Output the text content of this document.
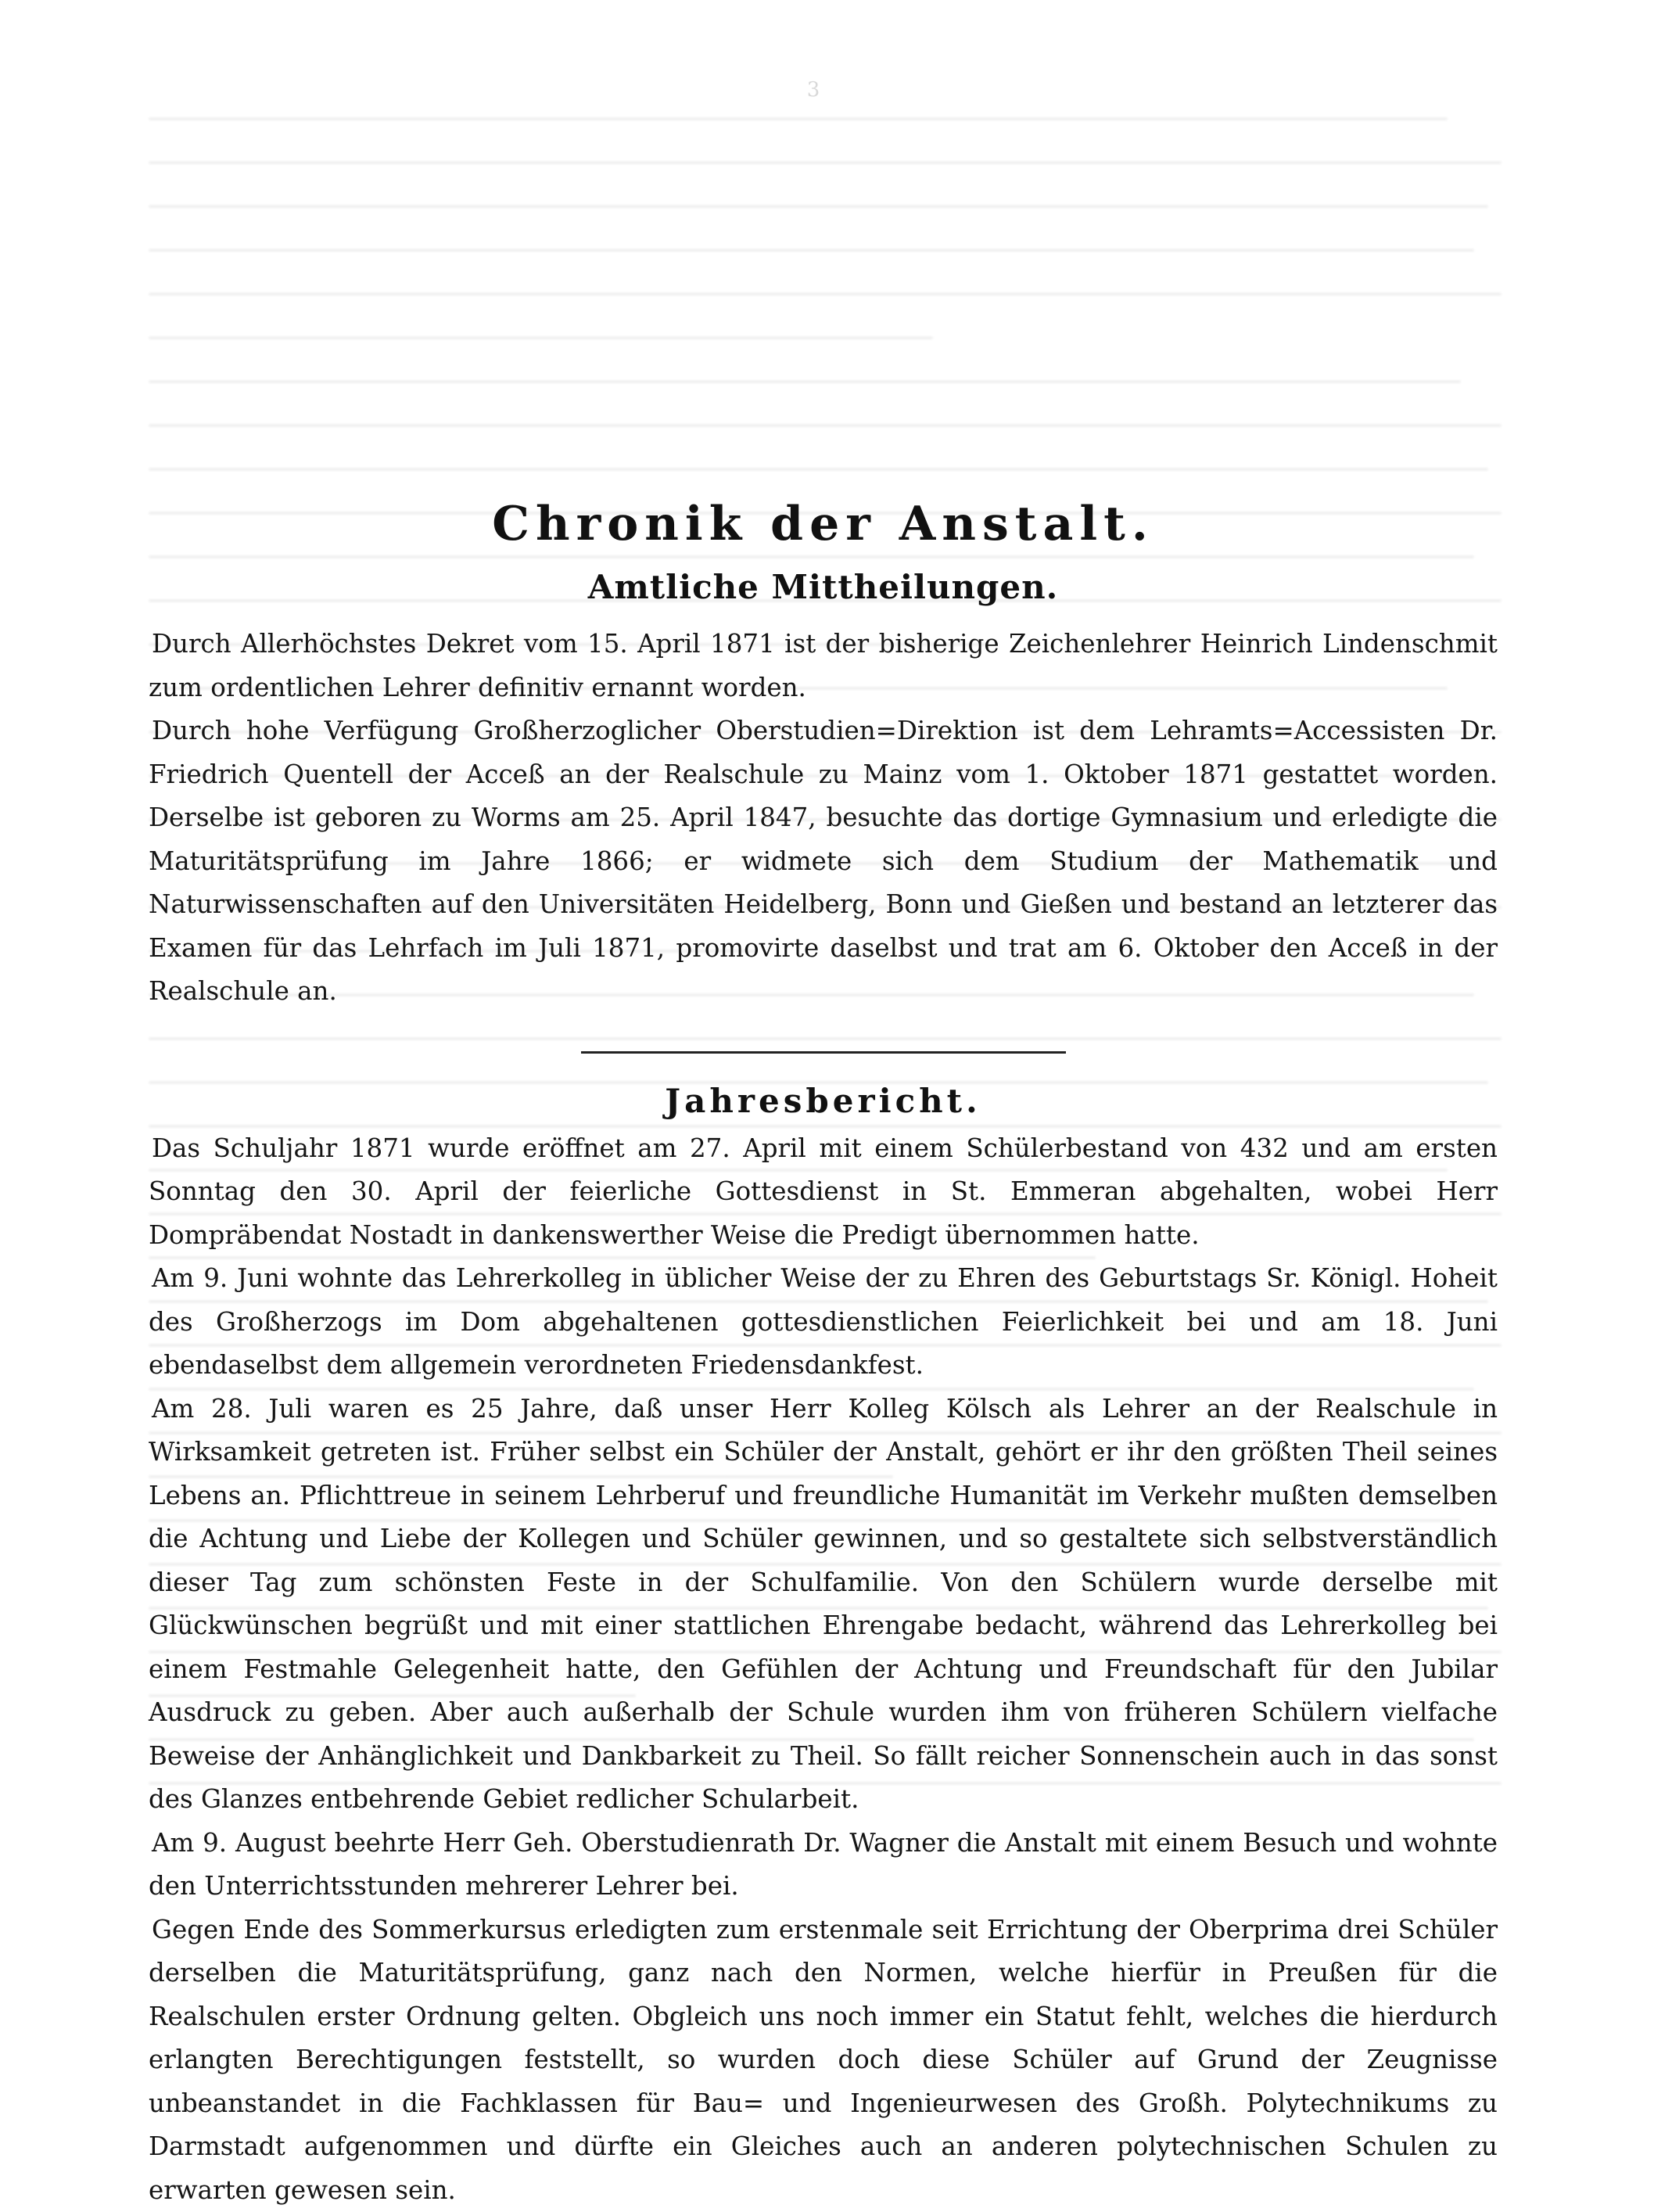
3
Chronik der Anstalt.
Amtliche Mittheilungen.

Durch Allerhöchstes Dekret vom 15. April 1871 ist der bisherige Zeichenlehrer Heinrich Lindenschmit zum ordentlichen Lehrer definitiv ernannt worden.

Durch hohe Verfügung Großherzoglicher Oberstudien=Direktion ist dem Lehramts=Accessisten Dr. Friedrich Quentell der Acceß an der Realschule zu Mainz vom 1. Oktober 1871 gestattet worden. Derselbe ist geboren zu Worms am 25. April 1847, besuchte das dortige Gymnasium und erledigte die Maturitätsprüfung im Jahre 1866; er widmete sich dem Studium der Mathematik und Naturwissenschaften auf den Universitäten Heidelberg, Bonn und Gießen und bestand an letzterer das Examen für das Lehrfach im Juli 1871, promovirte daselbst und trat am 6. Oktober den Acceß in der Realschule an.

Jahresbericht.

Das Schuljahr 1871 wurde eröffnet am 27. April mit einem Schülerbestand von 432 und am ersten Sonntag den 30. April der feierliche Gottesdienst in St. Emmeran abgehalten, wobei Herr Dompräbendat Nostadt in dankenswerther Weise die Predigt übernommen hatte.

Am 9. Juni wohnte das Lehrerkolleg in üblicher Weise der zu Ehren des Geburtstags Sr. Königl. Hoheit des Großherzogs im Dom abgehaltenen gottesdienstlichen Feierlichkeit bei und am 18. Juni ebendaselbst dem allgemein verordneten Friedensdankfest.

Am 28. Juli waren es 25 Jahre, daß unser Herr Kolleg Kölsch als Lehrer an der Realschule in Wirksamkeit getreten ist. Früher selbst ein Schüler der Anstalt, gehört er ihr den größten Theil seines Lebens an. Pflichttreue in seinem Lehrberuf und freundliche Humanität im Verkehr mußten demselben die Achtung und Liebe der Kollegen und Schüler gewinnen, und so gestaltete sich selbstverständlich dieser Tag zum schönsten Feste in der Schulfamilie. Von den Schülern wurde derselbe mit Glückwünschen begrüßt und mit einer stattlichen Ehrengabe bedacht, während das Lehrerkolleg bei einem Festmahle Gelegenheit hatte, den Gefühlen der Achtung und Freundschaft für den Jubilar Ausdruck zu geben. Aber auch außerhalb der Schule wurden ihm von früheren Schülern vielfache Beweise der Anhänglichkeit und Dankbarkeit zu Theil. So fällt reicher Sonnenschein auch in das sonst des Glanzes entbehrende Gebiet redlicher Schularbeit.

Am 9. August beehrte Herr Geh. Oberstudienrath Dr. Wagner die Anstalt mit einem Besuch und wohnte den Unterrichtsstunden mehrerer Lehrer bei.

Gegen Ende des Sommerkursus erledigten zum erstenmale seit Errichtung der Oberprima drei Schüler derselben die Maturitätsprüfung, ganz nach den Normen, welche hierfür in Preußen für die Realschulen erster Ordnung gelten. Obgleich uns noch immer ein Statut fehlt, welches die hierdurch erlangten Berechtigungen feststellt, so wurden doch diese Schüler auf Grund der Zeugnisse unbeanstandet in die Fachklassen für Bau= und Ingenieurwesen des Großh. Polytechnikums zu Darmstadt aufgenommen und dürfte ein Gleiches auch an anderen polytechnischen Schulen zu erwarten gewesen sein.
